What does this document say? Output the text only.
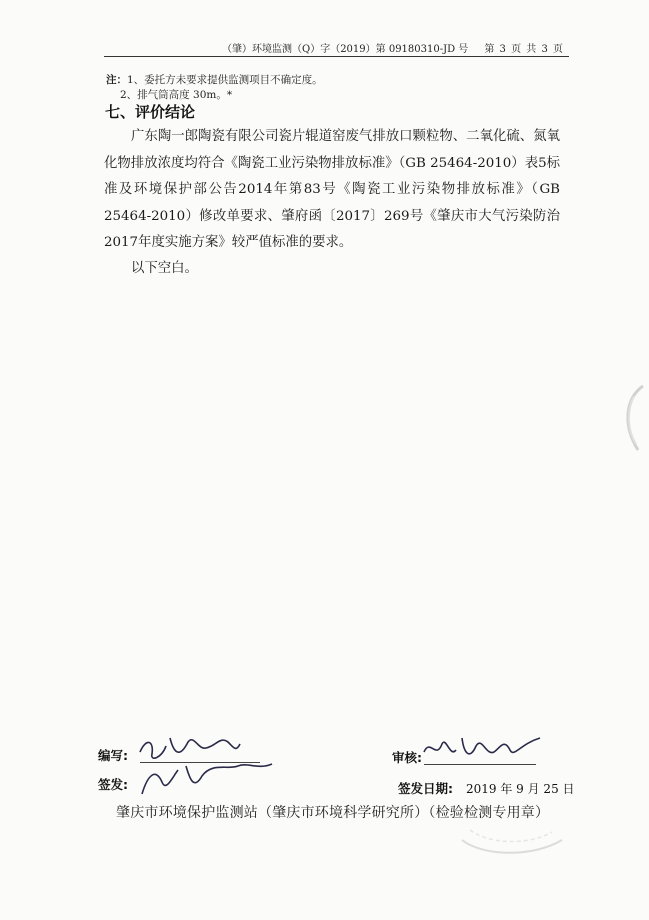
（肇）环境监测（Q）字（2019）第 09180310-JD 号 第 3 页 共 3 页
注：1、委托方未要求提供监测项目不确定度。
2、排气筒高度 30m。*
七、评价结论

广东陶一郎陶瓷有限公司瓷片辊道窑废气排放口颗粒物、二氧化硫、氮氧化物排放浓度均符合《陶瓷工业污染物排放标准》（GB 25464-2010）表5标准及环境保护部公告2014年第83号《陶瓷工业污染物排放标准》（GB 25464-2010）修改单要求、肇府函〔2017〕269号《肇庆市大气污染防治2017年度实施方案》较严值标准的要求。

以下空白。
编写:	审核:
签发:	签发日期: 2019 年 9 月 25 日
肇庆市环境保护监测站（肇庆市环境科学研究所）（检验检测专用章）
